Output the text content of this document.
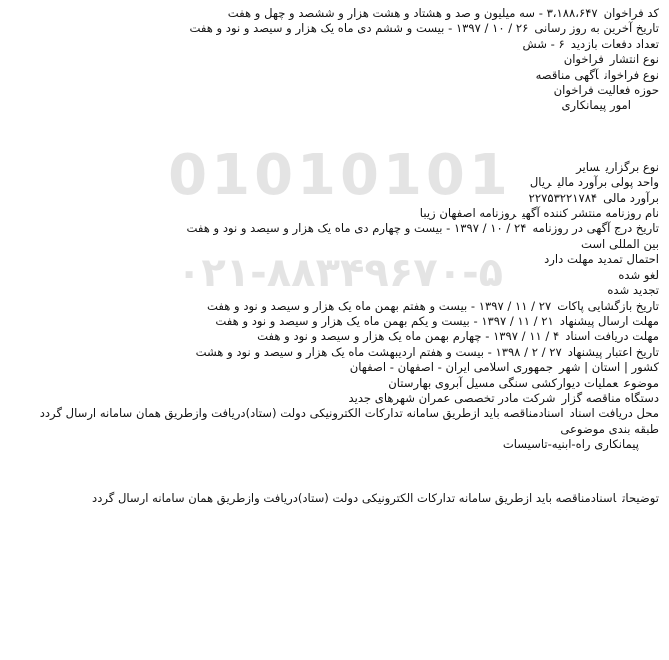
01010101
۰۲۱-۸۸۳۴۹۶۷۰-۵
کد فراخوان۳،۱۸۸،۶۴۷ - سه میلیون و صد و هشتاد و هشت هزار و ششصد و چهل و هفت
تاریخ آخرین به روز رسانی۲۶ / ۱۰ / ۱۳۹۷ - بیست و ششم دی ماه یک هزار و سیصد و نود و هفت
تعداد دفعات بازدید۶ - شش
نوع انتشارفراخوان
نوع فراخوانآگهی مناقصه
حوزه فعالیت فراخوان
امور پیمانکاری
نوع برگزاریسایر
واحد پولی برآورد مالیریال
برآورد مالی۲۲۷۵۳۲۲۱۷۸۴
نام روزنامه منتشر کننده آگهیروزنامه اصفهان زیبا
تاریخ درج آگهی در روزنامه۲۴ / ۱۰ / ۱۳۹۷ - بیست و چهارم دی ماه یک هزار و سیصد و نود و هفت
بین المللی است
احتمال تمدید مهلت دارد
لغو شده
تجدید شده
تاریخ بازگشایی پاکات۲۷ / ۱۱ / ۱۳۹۷ - بیست و هفتم بهمن ماه یک هزار و سیصد و نود و هفت
مهلت ارسال پیشنهاد۲۱ / ۱۱ / ۱۳۹۷ - بیست و یکم بهمن ماه یک هزار و سیصد و نود و هفت
مهلت دریافت اسناد۴ / ۱۱ / ۱۳۹۷ - چهارم بهمن ماه یک هزار و سیصد و نود و هفت
تاریخ اعتبار پیشنهاد۲۷ / ۲ / ۱۳۹۸ - بیست و هفتم اردیبهشت ماه یک هزار و سیصد و نود و هشت
کشور | استان | شهرجمهوری اسلامی ایران - اصفهان - اصفهان
موضوععملیات دیوارکشی سنگی مسیل آبروی بهارستان
دستگاه مناقصه گزارشرکت مادر تخصصی عمران شهرهای جدید
محل دریافت اسناداسنادمناقصه باید ازطریق سامانه تدارکات الکترونیکی دولت (ستاد)دریافت وازطریق همان سامانه ارسال گردد
طبقه بندی موضوعی
پیمانکاری راه-ابنیه-تاسیسات
توضیحاتاسنادمناقصه باید ازطریق سامانه تدارکات الکترونیکی دولت (ستاد)دریافت وازطریق همان سامانه ارسال گردد
